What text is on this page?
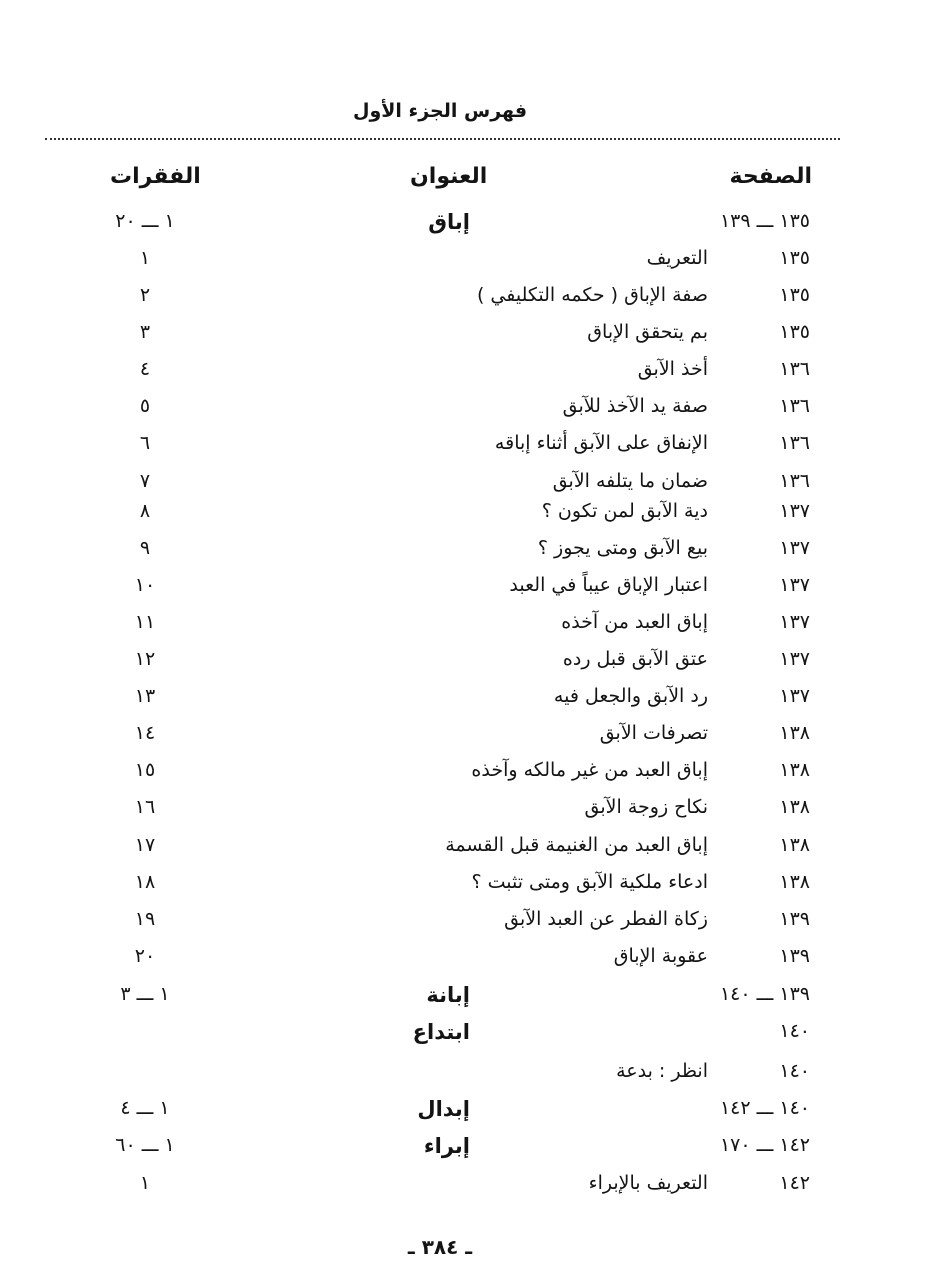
فهرس الجزء الأول
الصفحة
العنوان
الفقرات
١٣٥ ـــ ١٣٩
إباق
١ ـــ ٢٠
١٣٥
التعريف
١
١٣٥
صفة الإباق ( حكمه التكليفي )
٢
١٣٥
بم يتحقق الإباق
٣
١٣٦
أخذ الآبق
٤
١٣٦
صفة يد الآخذ للآبق
٥
١٣٦
الإنفاق على الآبق أثناء إباقه
٦
١٣٦
ضمان ما يتلفه الآبق
٧
١٣٧
دية الآبق لمن تكون ؟
٨
١٣٧
بيع الآبق ومتى يجوز ؟
٩
١٣٧
اعتبار الإباق عيباً في العبد
١٠
١٣٧
إباق العبد من آخذه
١١
١٣٧
عتق الآبق قبل رده
١٢
١٣٧
رد الآبق والجعل فيه
١٣
١٣٨
تصرفات الآبق
١٤
١٣٨
إباق العبد من غير مالكه وآخذه
١٥
١٣٨
نكاح زوجة الآبق
١٦
١٣٨
إباق العبد من الغنيمة قبل القسمة
١٧
١٣٨
ادعاء ملكية الآبق ومتى تثبت ؟
١٨
١٣٩
زكاة الفطر عن العبد الآبق
١٩
١٣٩
عقوبة الإباق
٢٠
١٣٩ ـــ ١٤٠
إبانة
١ ـــ ٣
١٤٠
ابتداع
١٤٠
انظر : بدعة
١٤٠ ـــ ١٤٢
إبدال
١ ـــ ٤
١٤٢ ـــ ١٧٠
إبراء
١ ـــ ٦٠
١٤٢
التعريف بالإبراء
١
ـ ٣٨٤ ـ
